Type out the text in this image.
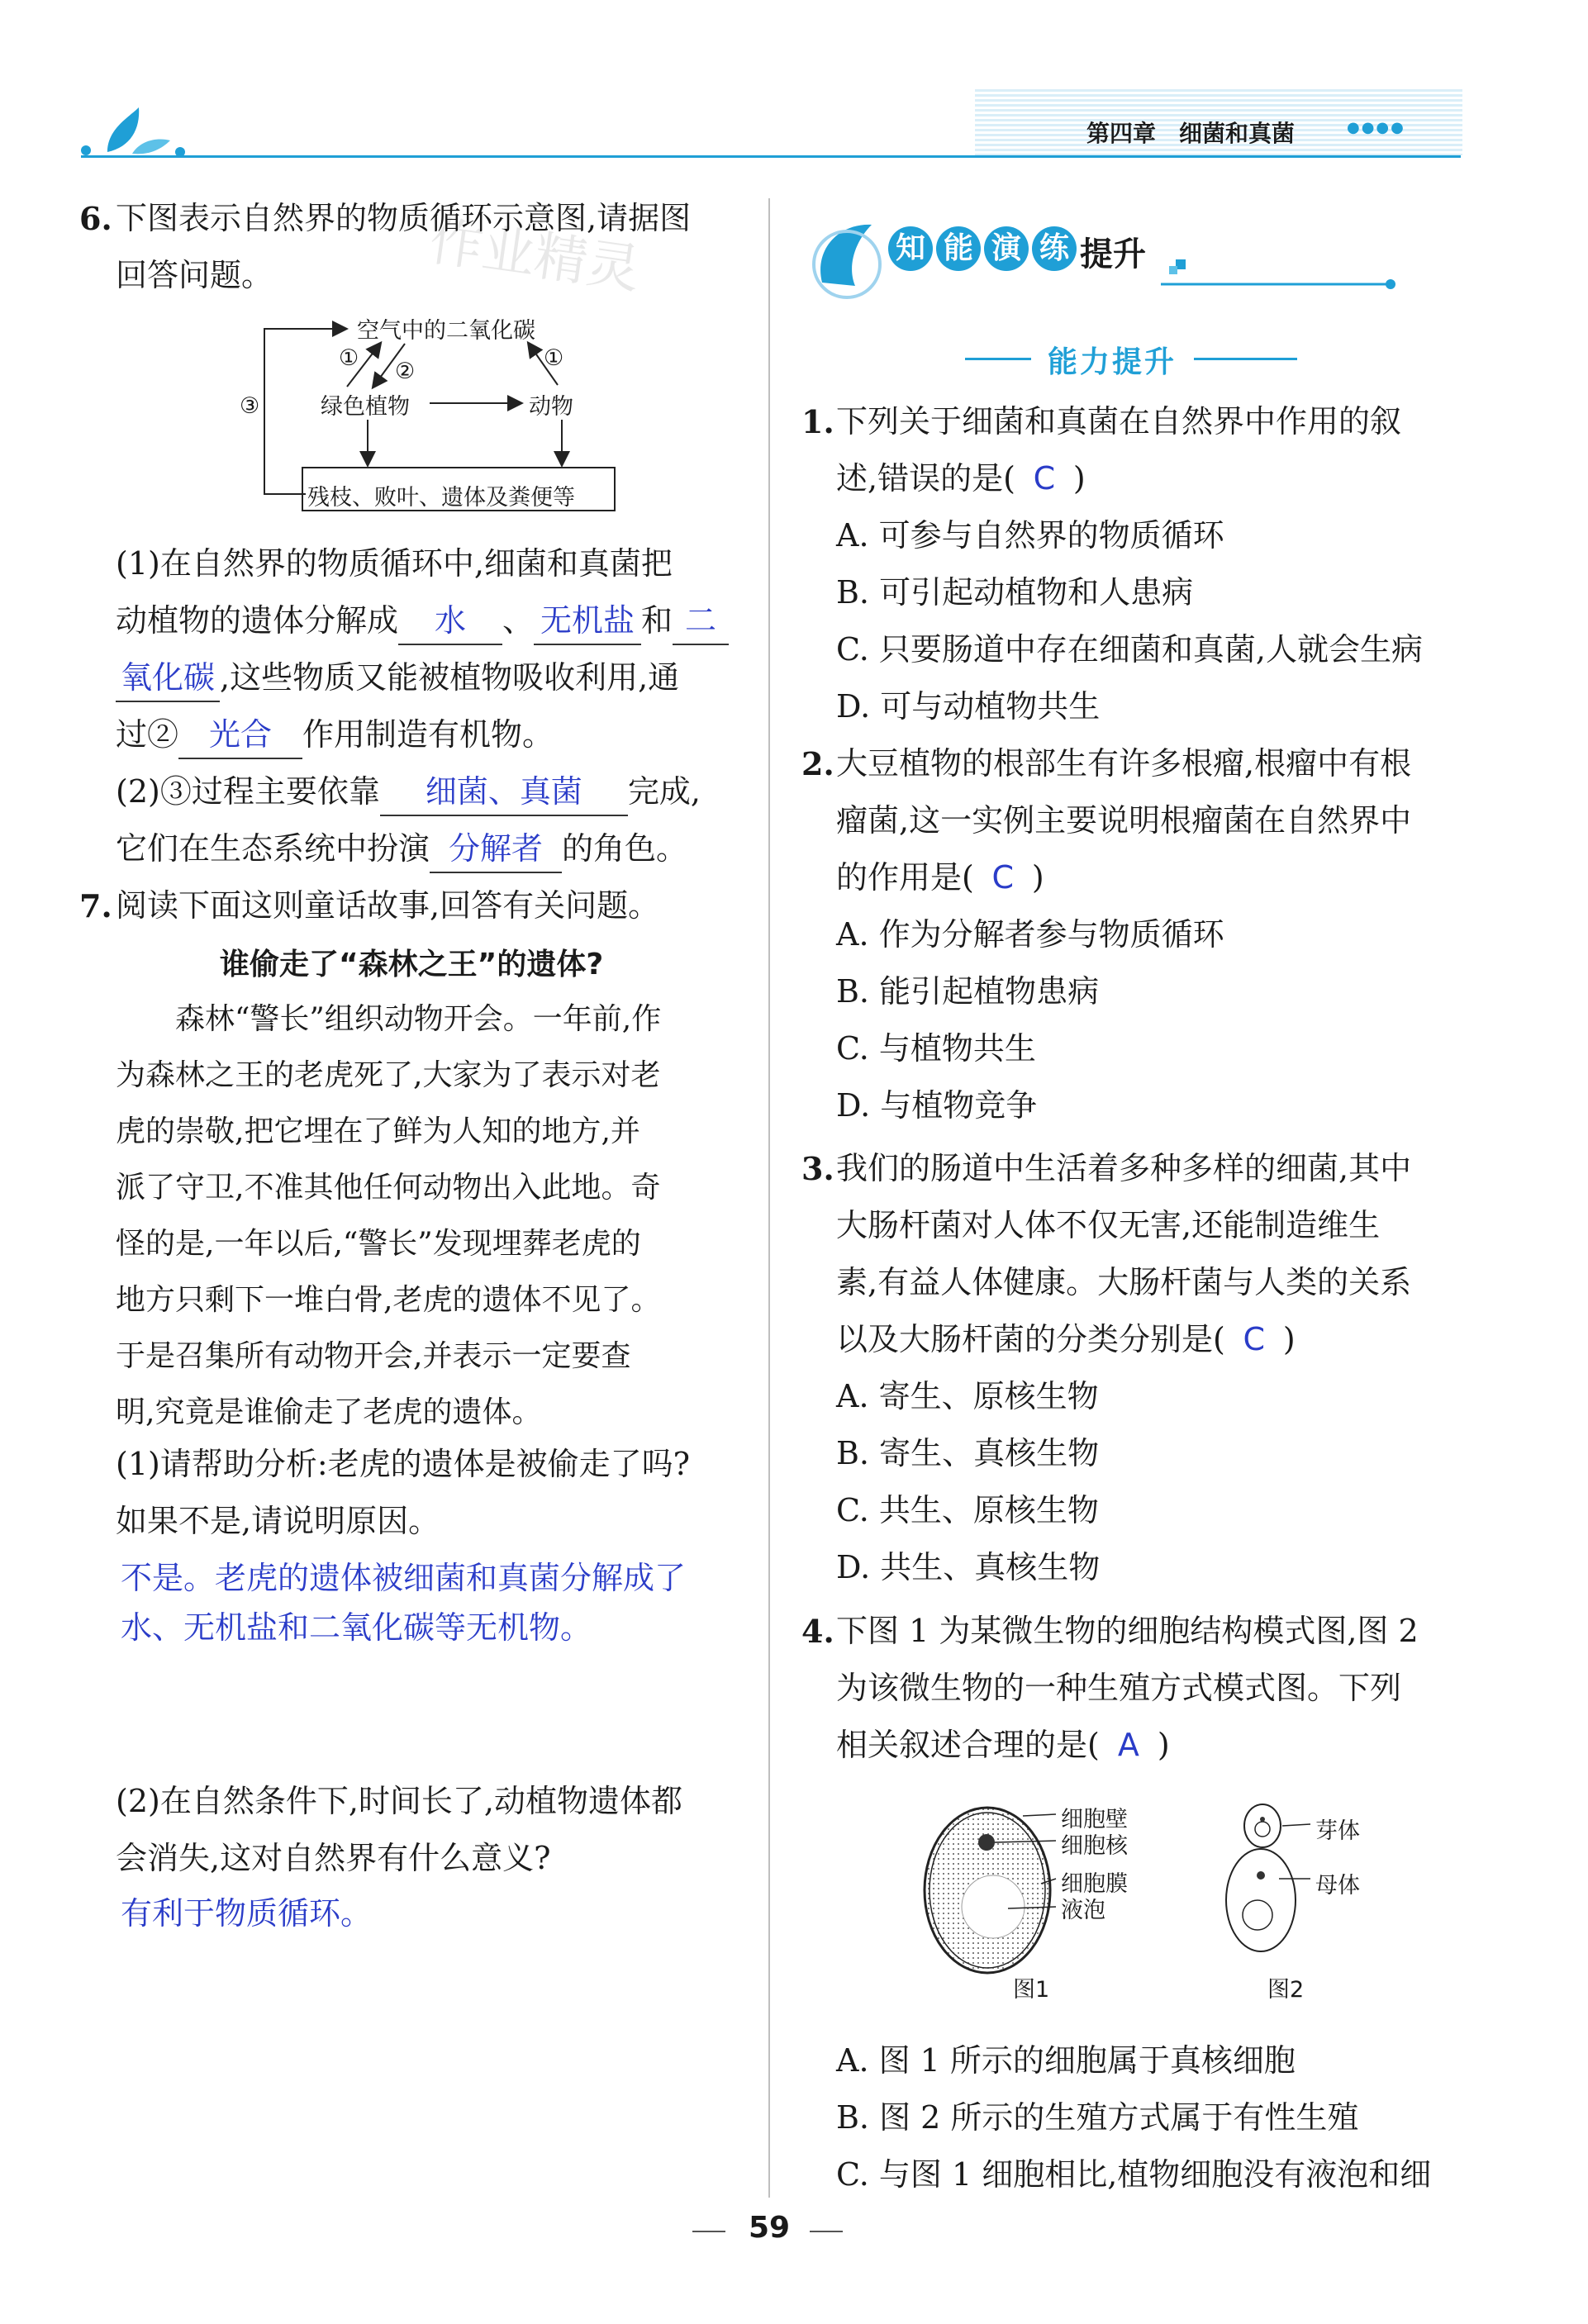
第四章　细菌和真菌	●●●●
作业精灵
6. 下图表示自然界的物质循环示意图,请据图
回答问题。
空气中的二氧化碳
绿色植物	动物
残枝、败叶、遗体及粪便等
①
②
①
③
(1)在自然界的物质循环中,细菌和真菌把
动植物的遗体分解成 水 、 无机盐 和 二
氧化碳 ,这些物质又能被植物吸收利用,通
过② 光合 作用制造有机物。
(2)③过程主要依靠 细菌、真菌 完成,
它们在生态系统中扮演 分解者 的角色。
7. 阅读下面这则童话故事,回答有关问题。
谁偷走了“森林之王”的遗体?
　　森林“警长”组织动物开会。一年前,作
为森林之王的老虎死了,大家为了表示对老
虎的崇敬,把它埋在了鲜为人知的地方,并
派了守卫,不准其他任何动物出入此地。奇
怪的是,一年以后,“警长”发现埋葬老虎的
地方只剩下一堆白骨,老虎的遗体不见了。
于是召集所有动物开会,并表示一定要查
明,究竟是谁偷走了老虎的遗体。
(1)请帮助分析:老虎的遗体是被偷走了吗?
如果不是,请说明原因。
不是。老虎的遗体被细菌和真菌分解成了
水、无机盐和二氧化碳等无机物。
(2)在自然条件下,时间长了,动植物遗体都
会消失,这对自然界有什么意义?
有利于物质循环。
知 能 演 练 提升
能力提升
1. 下列关于细菌和真菌在自然界中作用的叙
述,错误的是( C )
A. 可参与自然界的物质循环
B. 可引起动植物和人患病
C. 只要肠道中存在细菌和真菌,人就会生病
D. 可与动植物共生
2. 大豆植物的根部生有许多根瘤,根瘤中有根
瘤菌,这一实例主要说明根瘤菌在自然界中
的作用是( C )
A. 作为分解者参与物质循环
B. 能引起植物患病
C. 与植物共生
D. 与植物竞争
3. 我们的肠道中生活着多种多样的细菌,其中
大肠杆菌对人体不仅无害,还能制造维生
素,有益人体健康。大肠杆菌与人类的关系
以及大肠杆菌的分类分别是( C )
A. 寄生、原核生物
B. 寄生、真核生物
C. 共生、原核生物
D. 共生、真核生物
4. 下图 1 为某微生物的细胞结构模式图,图 2
为该微生物的一种生殖方式模式图。下列
相关叙述合理的是( A )
细胞壁
细胞核
细胞膜
液泡
芽体
母体
图1	图2
A. 图 1 所示的细胞属于真核细胞
B. 图 2 所示的生殖方式属于有性生殖
C. 与图 1 细胞相比,植物细胞没有液泡和细
59
